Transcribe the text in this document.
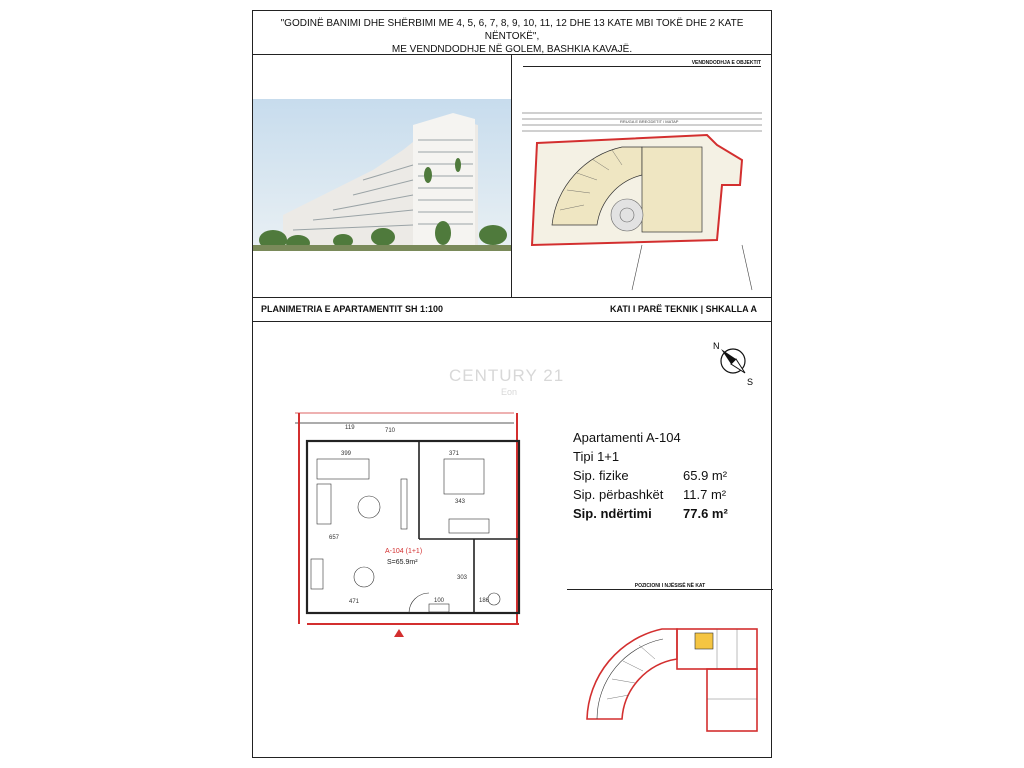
"GODINË BANIMI DHE SHËRBIMI ME 4, 5, 6, 7, 8, 9, 10, 11, 12 DHE 13 KATE MBI TOKË DHE 2 KATE NËNTOKË",
ME VENDNDODHJE NË GOLEM, BASHKIA KAVAJË.
VENDNDODHJA E OBJEKTIT
RRUGA E BREGDETIT / MATAP
PLANIMETRIA E APARTAMENTIT SH 1:100	KATI I PARË TEKNIK | SHKALLA A
CENTURY 21
Eon
N
S
710
119
399	371
657
343
471	100	186
303
A-104 (1+1)
S=65.9m²
Apartamenti A-104
Tipi 1+1
Sip. fizike	65.9 m²
Sip. përbashkët 11.7 m²
Sip. ndërtimi 77.6 m²
POZICIONI I NJËSISË NË KAT
